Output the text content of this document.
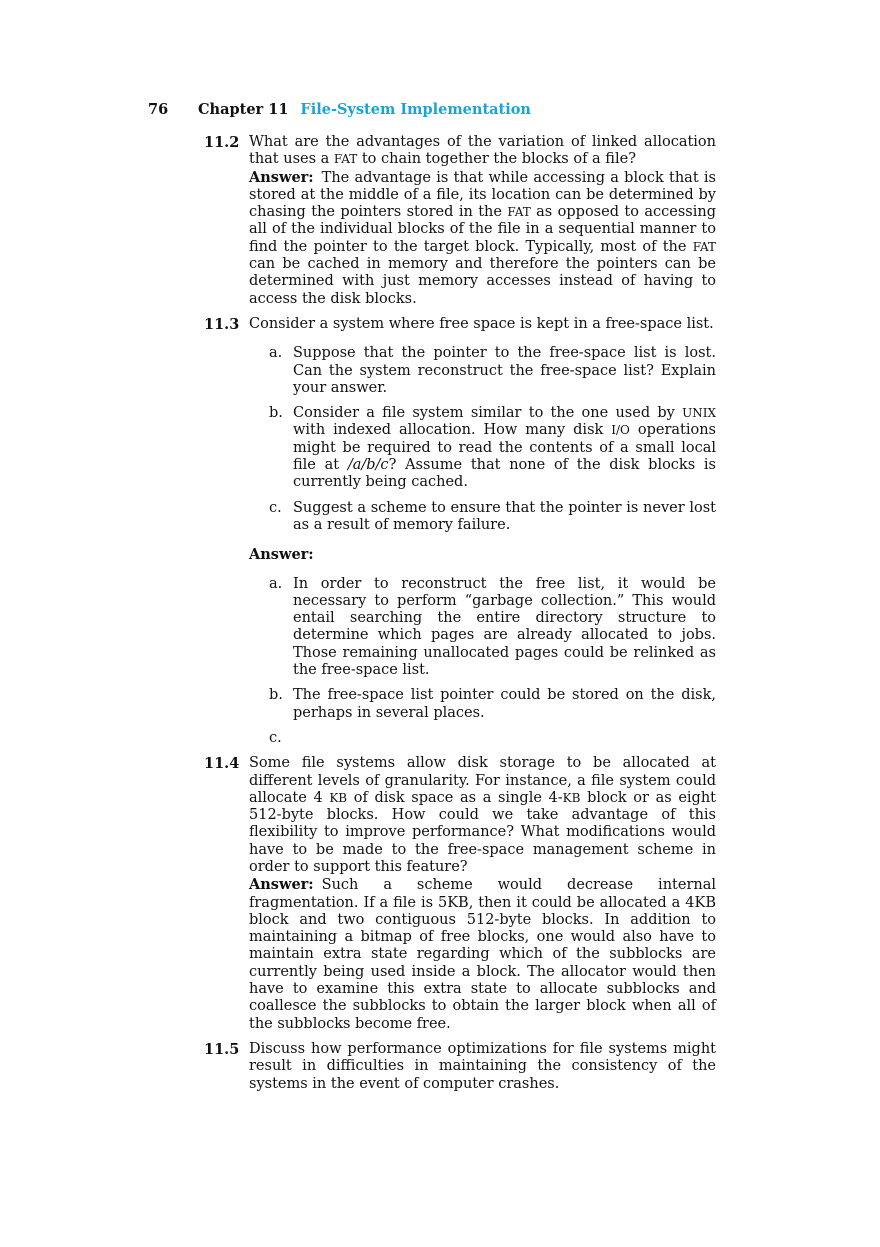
76 Chapter 11 File-System Implementation
11.2 What are the advantages of the variation of linked allocation that uses a FAT to chain together the blocks of a file?

Answer: The advantage is that while accessing a block that is stored at the middle of a file, its location can be determined by chasing the pointers stored in the FAT as opposed to accessing all of the individual blocks of the file in a sequential manner to find the pointer to the target block. Typically, most of the FAT can be cached in memory and therefore the pointers can be determined with just memory accesses instead of having to access the disk blocks.

11.3 Consider a system where free space is kept in a free-space list.

a. Suppose that the pointer to the free-space list is lost. Can the system reconstruct the free-space list? Explain your answer.
b. Consider a file system similar to the one used by UNIX with indexed allocation. How many disk I/O operations might be required to read the contents of a small local file at /a/b/c? Assume that none of the disk blocks is currently being cached.
c. Suggest a scheme to ensure that the pointer is never lost as a result of memory failure.
Answer:
a. In order to reconstruct the free list, it would be necessary to perform “garbage collection.” This would entail searching the entire directory structure to determine which pages are already allocated to jobs. Those remaining unallocated pages could be relinked as the free-space list.
b. The free-space list pointer could be stored on the disk, perhaps in several places.
c.

11.4 Some file systems allow disk storage to be allocated at different levels of granularity. For instance, a file system could allocate 4 KB of disk space as a single 4-KB block or as eight 512-byte blocks. How could we take advantage of this flexibility to improve performance? What modifications would have to be made to the free-space management scheme in order to support this feature?

Answer: Such a scheme would decrease internal fragmentation. If a file is 5KB, then it could be allocated a 4KB block and two contiguous 512-byte blocks. In addition to maintaining a bitmap of free blocks, one would also have to maintain extra state regarding which of the subblocks are currently being used inside a block. The allocator would then have to examine this extra state to allocate subblocks and coallesce the subblocks to obtain the larger block when all of the subblocks become free.

11.5 Discuss how performance optimizations for file systems might result in difficulties in maintaining the consistency of the systems in the event of computer crashes.
